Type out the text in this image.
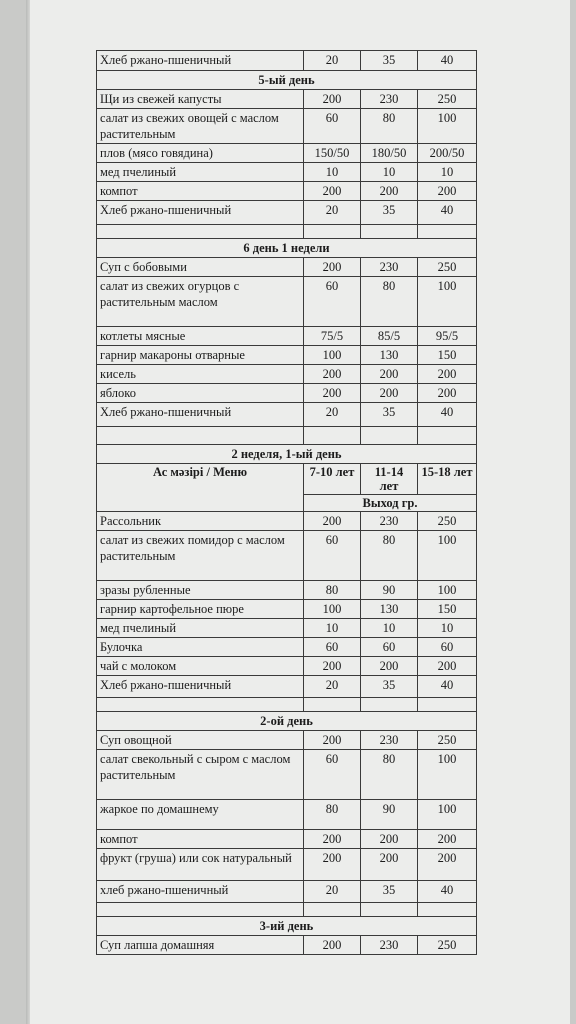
Хлеб ржано-пшеничный	20	35	40
5-ый день			
Щи из свежей капусты	200	230	250
салат из свежих овощей с маслом растительным	60	80	100
плов (мясо говядина)	150/50	180/50	200/50
мед пчелиный	10	10	10
компот	200	200	200
Хлеб ржано-пшеничный	20	35	40

6 день 1 недели			
Суп с бобовыми	200	230	250
салат из свежих огурцов с растительным маслом	60	80	100
котлеты мясные	75/5	85/5	95/5
гарнир макароны отварные	100	130	150
кисель	200	200	200
яблоко	200	200	200
Хлеб ржано-пшеничный	20	35	40

2 неделя, 1-ый день			
Ас мәзірі / Меню	7-10 лет	11-14 лет	15-18 лет
	Выход гр.		
Рассольник	200	230	250
салат из свежих помидор с маслом растительным	60	80	100
зразы рубленные	80	90	100
гарнир картофельное пюре	100	130	150
мед пчелиный	10	10	10
Булочка	60	60	60
чай с молоком	200	200	200
Хлеб ржано-пшеничный	20	35	40

2-ой день			
Суп овощной	200	230	250
салат свекольный с сыром с маслом растительным	60	80	100
жаркое по домашнему	80	90	100
компот	200	200	200
фрукт (груша) или сок натуральный	200	200	200
хлеб ржано-пшеничный	20	35	40

3-ий день			
Суп лапша домашняя	200	230	250
